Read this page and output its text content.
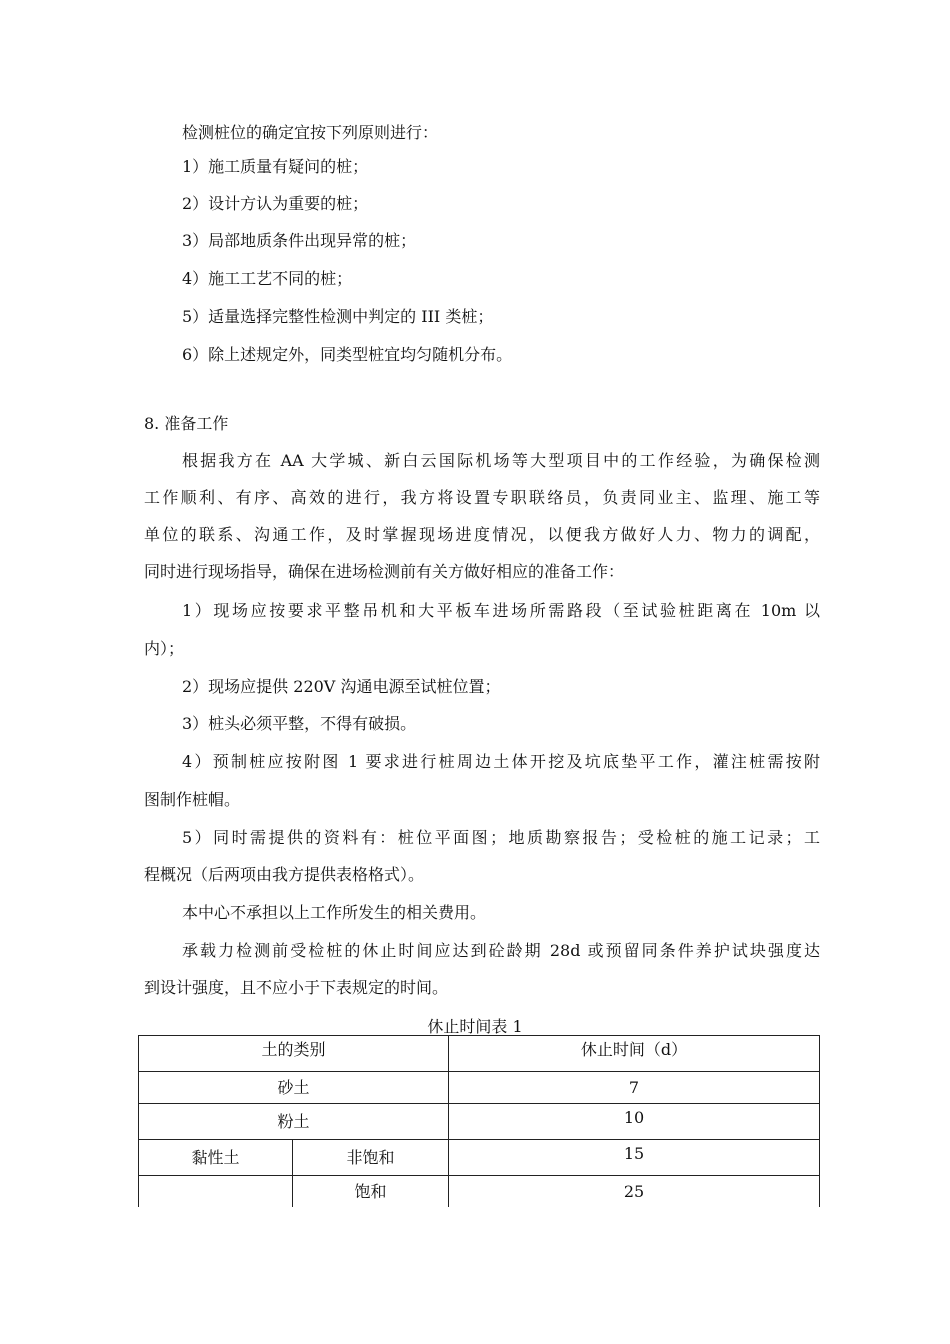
检测桩位的确定宜按下列原则进行：

1）施工质量有疑问的桩；

2）设计方认为重要的桩；

3）局部地质条件出现异常的桩；

4）施工工艺不同的桩；

5）适量选择完整性检测中判定的 III 类桩；

6）除上述规定外，同类型桩宜均匀随机分布。

8. 准备工作

根据我方在 AA 大学城、新白云国际机场等大型项目中的工作经验，为确保检测

工作顺利、有序、高效的进行，我方将设置专职联络员，负责同业主、监理、施工等

单位的联系、沟通工作，及时掌握现场进度情况，以便我方做好人力、物力的调配，

同时进行现场指导，确保在进场检测前有关方做好相应的准备工作：

1）现场应按要求平整吊机和大平板车进场所需路段（至试验桩距离在 10m 以

内）；

2）现场应提供 220V 沟通电源至试桩位置；

3）桩头必须平整，不得有破损。

4）预制桩应按附图 1 要求进行桩周边土体开挖及坑底垫平工作，灌注桩需按附

图制作桩帽。

5）同时需提供的资料有：桩位平面图；地质勘察报告；受检桩的施工记录；工

程概况（后两项由我方提供表格格式）。

本中心不承担以上工作所发生的相关费用。

承载力检测前受检桩的休止时间应达到砼龄期 28d 或预留同条件养护试块强度达

到设计强度，且不应小于下表规定的时间。

休止时间表 1
土的类别		休止时间（d）
砂土		7
粉土		10
黏性土	非饱和	15
	饱和	25
